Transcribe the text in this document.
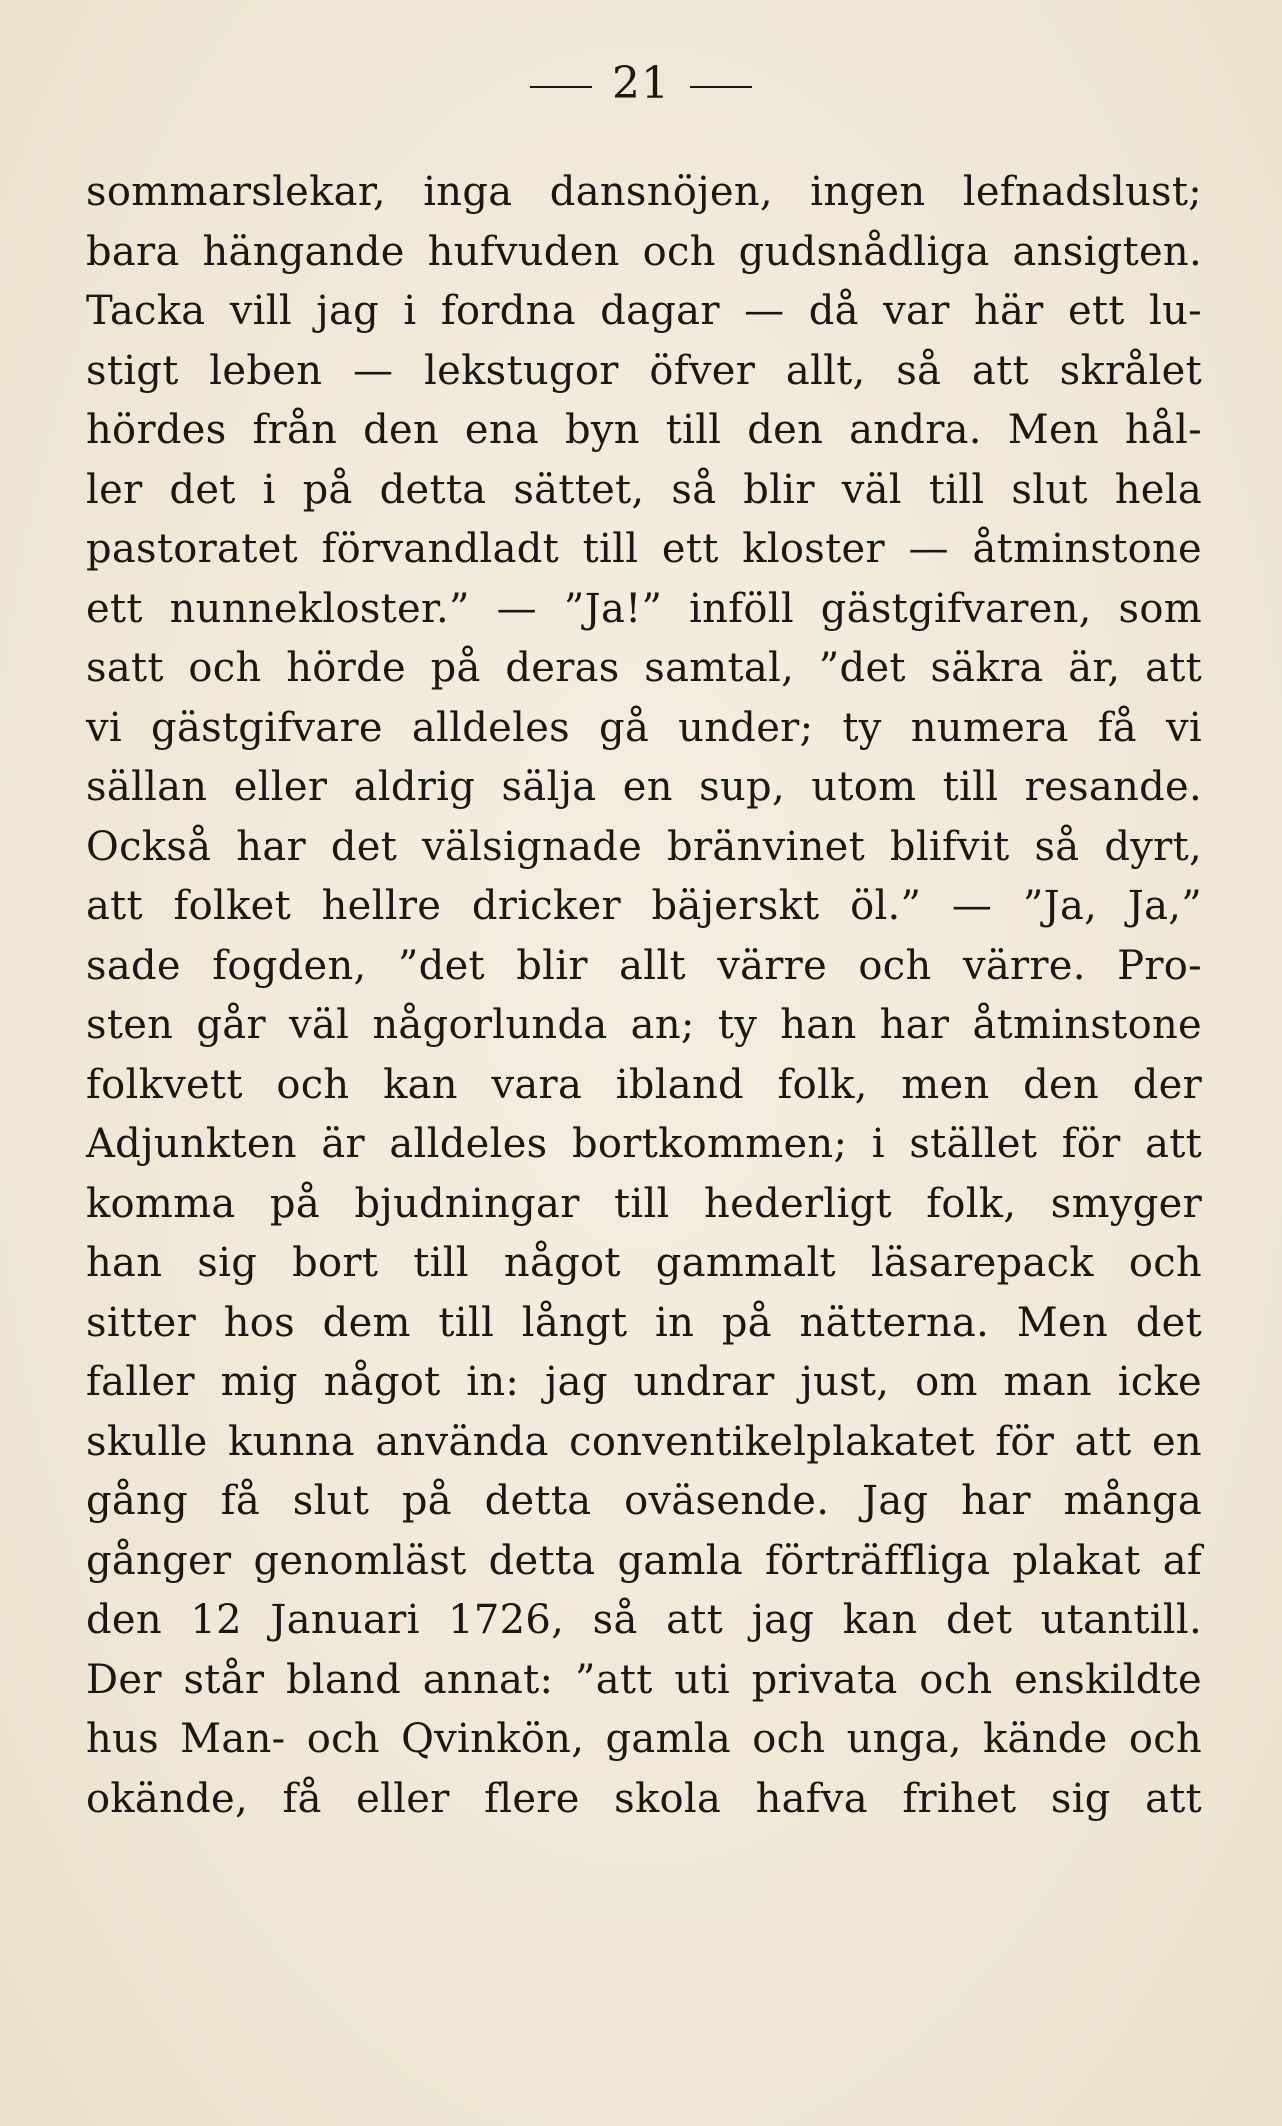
21
sommarslekar, inga dansnöjen, ingen lefnadslust;
bara hängande hufvuden och gudsnådliga ansigten.
Tacka vill jag i fordna dagar — då var här ett lu-
stigt leben — lekstugor öfver allt, så att skrålet
hördes från den ena byn till den andra. Men hål-
ler det i på detta sättet, så blir väl till slut hela
pastoratet förvandladt till ett kloster — åtminstone
ett nunnekloster.” — ”Ja!” inföll gästgifvaren, som
satt och hörde på deras samtal, ”det säkra är, att
vi gästgifvare alldeles gå under; ty numera få vi
sällan eller aldrig sälja en sup, utom till resande.
Också har det välsignade bränvinet blifvit så dyrt,
att folket hellre dricker bäjerskt öl.” — ”Ja, Ja,”
sade fogden, ”det blir allt värre och värre. Pro-
sten går väl någorlunda an; ty han har åtminstone
folkvett och kan vara ibland folk, men den der
Adjunkten är alldeles bortkommen; i stället för att
komma på bjudningar till hederligt folk, smyger
han sig bort till något gammalt läsarepack och
sitter hos dem till långt in på nätterna. Men det
faller mig något in: jag undrar just, om man icke
skulle kunna använda conventikelplakatet för att en
gång få slut på detta oväsende. Jag har många
gånger genomläst detta gamla förträffliga plakat af
den 12 Januari 1726, så att jag kan det utantill.
Der står bland annat: ”att uti privata och enskildte
hus Man- och Qvinkön, gamla och unga, kände och
okände, få eller flere skola hafva frihet sig att
